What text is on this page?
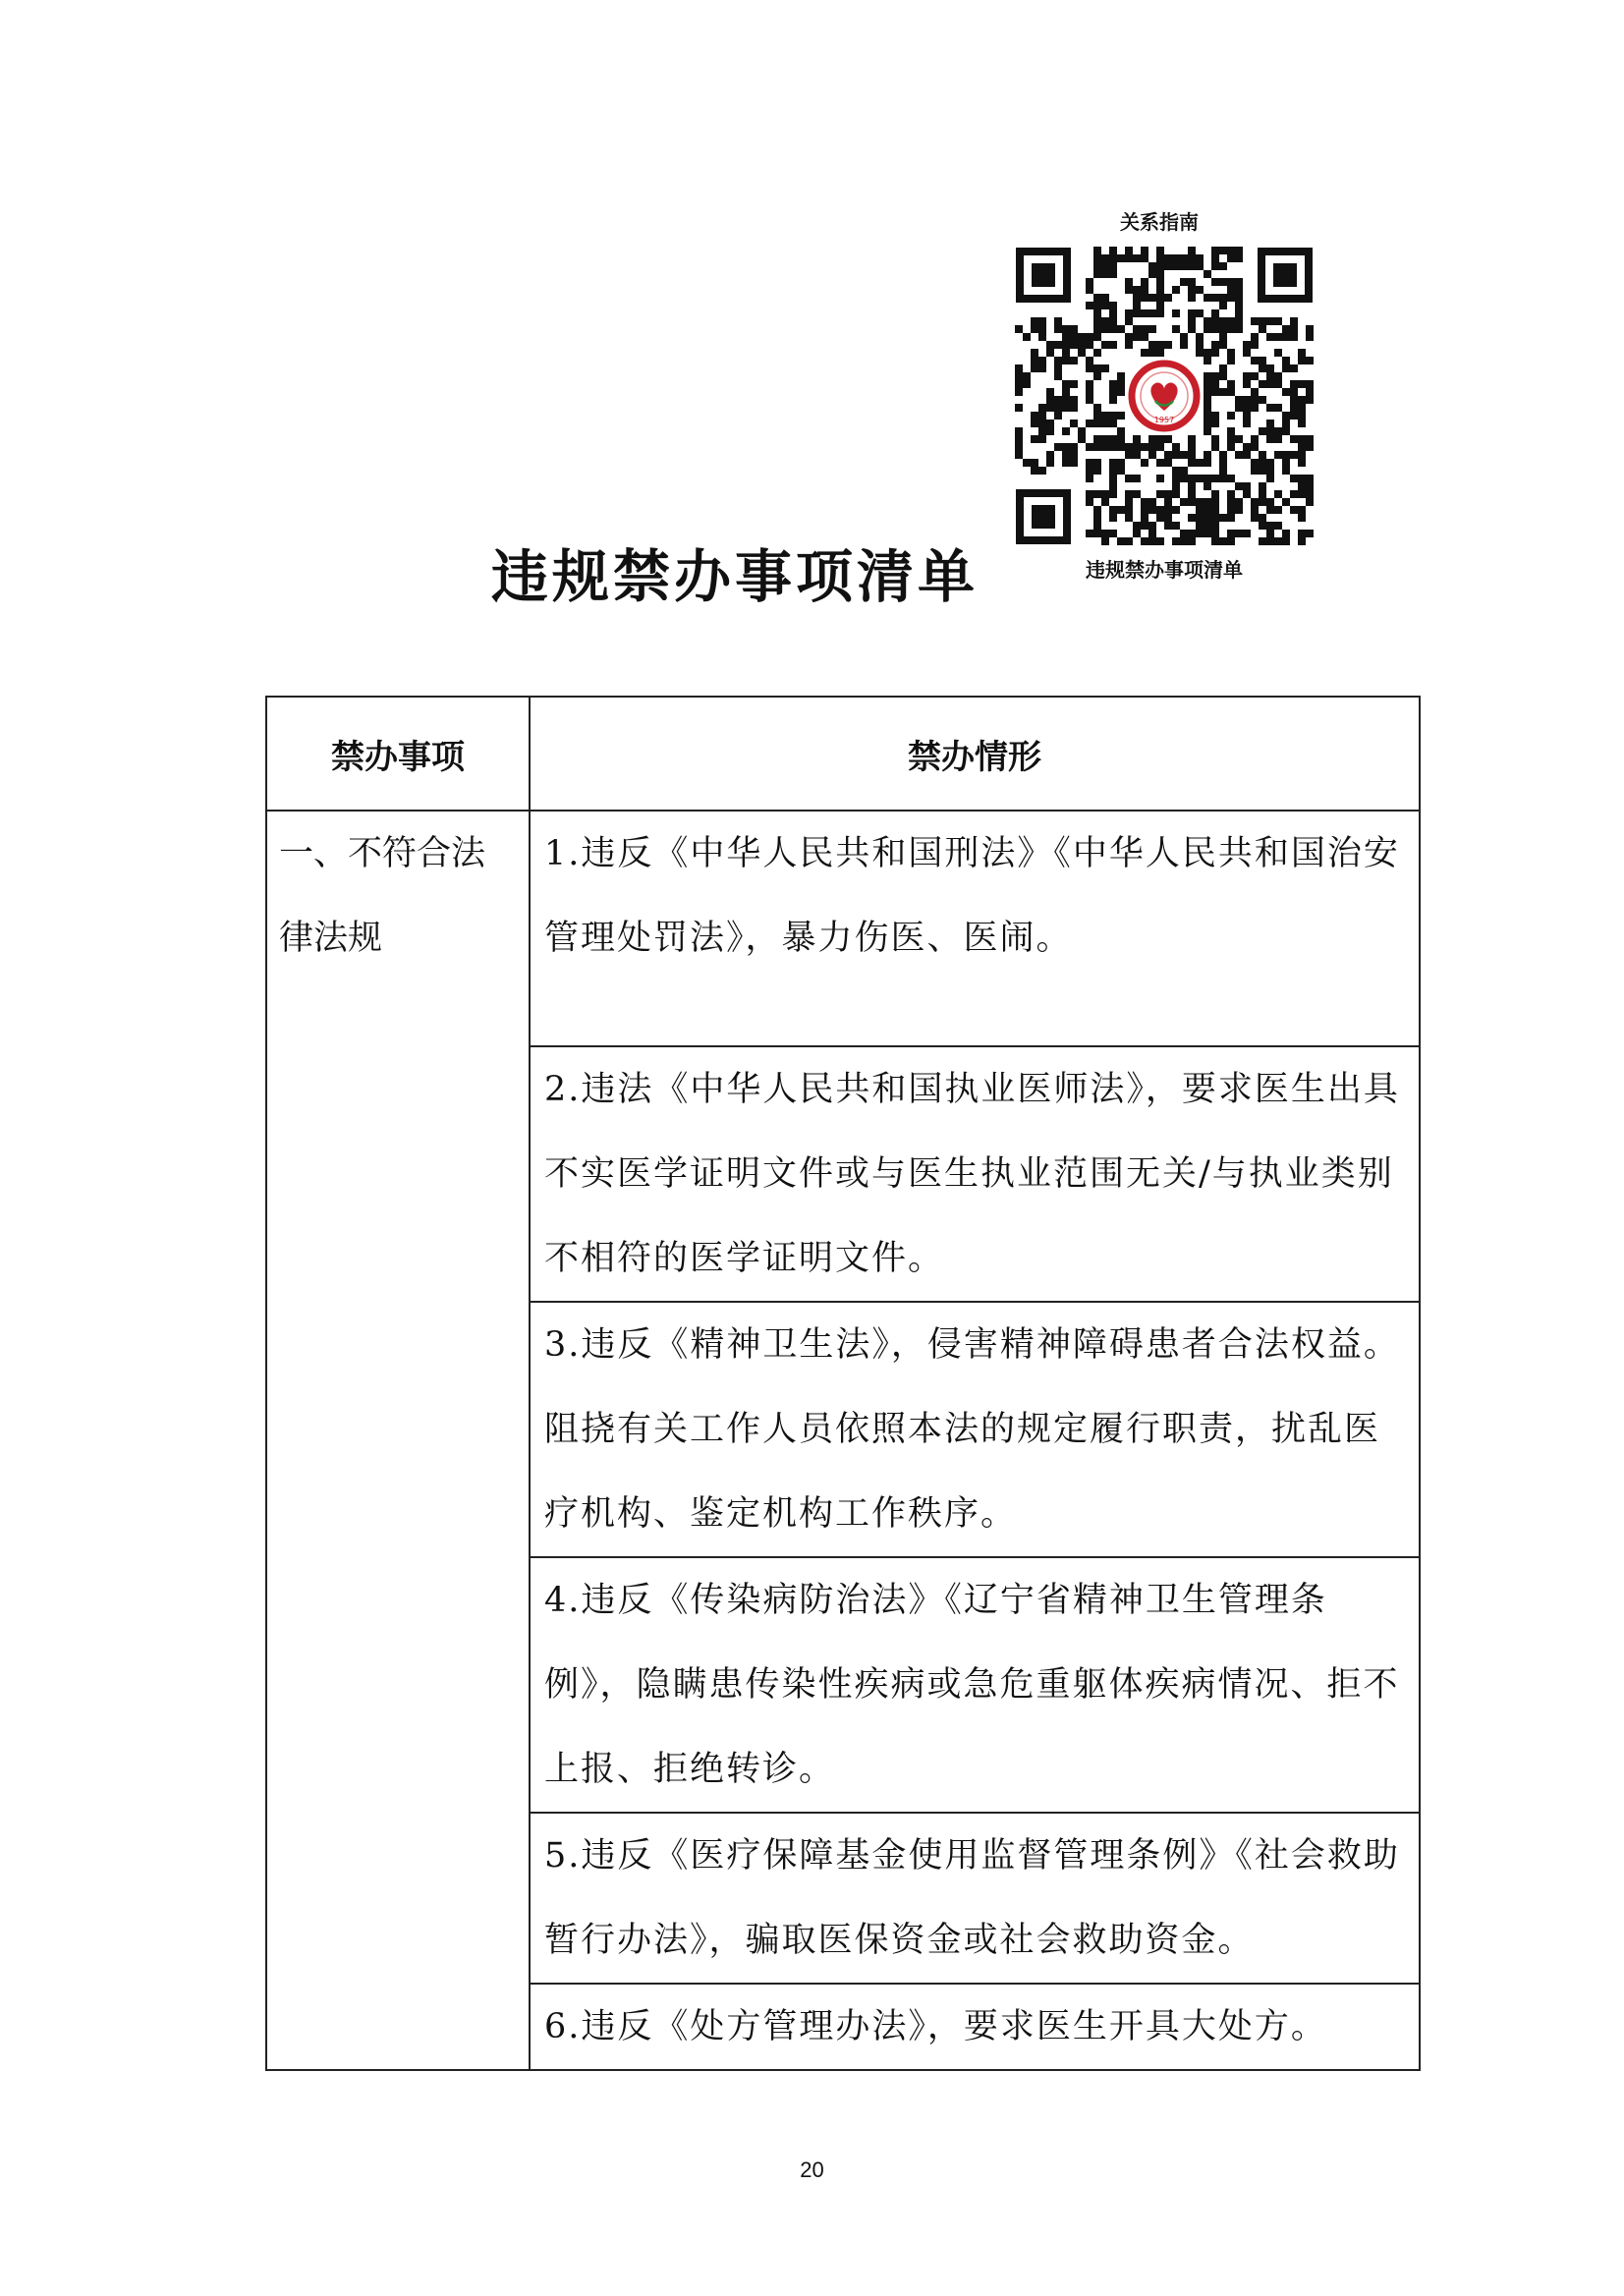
关系指南
1957
违规禁办事项清单
违规禁办事项清单
禁办事项	禁办情形
一、不符合法律法规	1.违反《中华人民共和国刑法》《中华人民共和国治安管理处罚法》，暴力伤医、医闹。
	2.违法《中华人民共和国执业医师法》，要求医生出具不实医学证明文件或与医生执业范围无关/与执业类别不相符的医学证明文件。
	3.违反《精神卫生法》，侵害精神障碍患者合法权益。阻挠有关工作人员依照本法的规定履行职责，扰乱医疗机构、鉴定机构工作秩序。
	4.违反《传染病防治法》《辽宁省精神卫生管理条例》，隐瞒患传染性疾病或急危重躯体疾病情况、拒不上报、拒绝转诊。
	5.违反《医疗保障基金使用监督管理条例》《社会救助暂行办法》，骗取医保资金或社会救助资金。
	6.违反《处方管理办法》，要求医生开具大处方。
20
